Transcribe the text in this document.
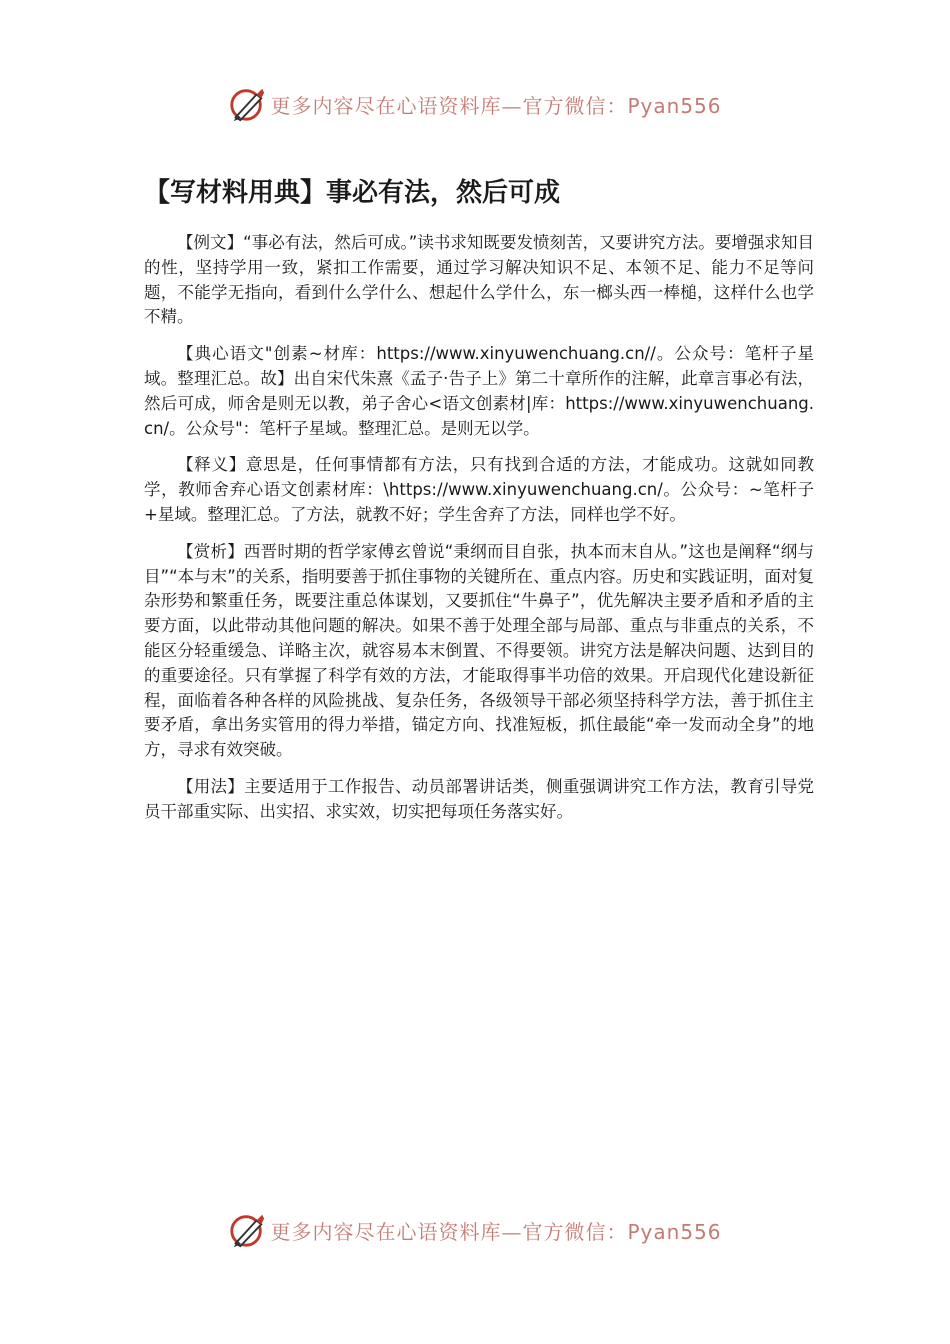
更多内容尽在心语资料库—官方微信：Pyan556
【写材料用典】事必有法，然后可成

【例文】“事必有法，然后可成。”读书求知既要发愤刻苦，又要讲究方法。要增强求知目的性，坚持学用一致，紧扣工作需要，通过学习解决知识不足、本领不足、能力不足等问题，不能学无指向，看到什么学什么、想起什么学什么，东一榔头西一棒槌，这样什么也学不精。

【典心语文"创素~材库：https://www.xinyuwenchuang.cn//。公众号：笔杆子星域。整理汇总。故】出自宋代朱熹《孟子·告子上》第二十章所作的注解，此章言事必有法，然后可成，师舍是则无以教，弟子舍心<语文创素材|库：https://www.xinyuwenchuang.cn/。公众号"：笔杆子星域。整理汇总。是则无以学。

【释义】意思是，任何事情都有方法，只有找到合适的方法，才能成功。这就如同教学，教师舍弃心语文创素材库：\https://www.xinyuwenchuang.cn/。公众号：~笔杆子+星域。整理汇总。了方法，就教不好；学生舍弃了方法，同样也学不好。

【赏析】西晋时期的哲学家傅玄曾说“秉纲而目自张，执本而末自从。”这也是阐释“纲与目”“本与末”的关系，指明要善于抓住事物的关键所在、重点内容。历史和实践证明，面对复杂形势和繁重任务，既要注重总体谋划，又要抓住“牛鼻子”，优先解决主要矛盾和矛盾的主要方面，以此带动其他问题的解决。如果不善于处理全部与局部、重点与非重点的关系，不能区分轻重缓急、详略主次，就容易本末倒置、不得要领。讲究方法是解决问题、达到目的的重要途径。只有掌握了科学有效的方法，才能取得事半功倍的效果。开启现代化建设新征程，面临着各种各样的风险挑战、复杂任务，各级领导干部必须坚持科学方法，善于抓住主要矛盾，拿出务实管用的得力举措，锚定方向、找准短板，抓住最能“牵一发而动全身”的地方，寻求有效突破。

【用法】主要适用于工作报告、动员部署讲话类，侧重强调讲究工作方法，教育引导党员干部重实际、出实招、求实效，切实把每项任务落实好。

更多内容尽在心语资料库—官方微信：Pyan556
